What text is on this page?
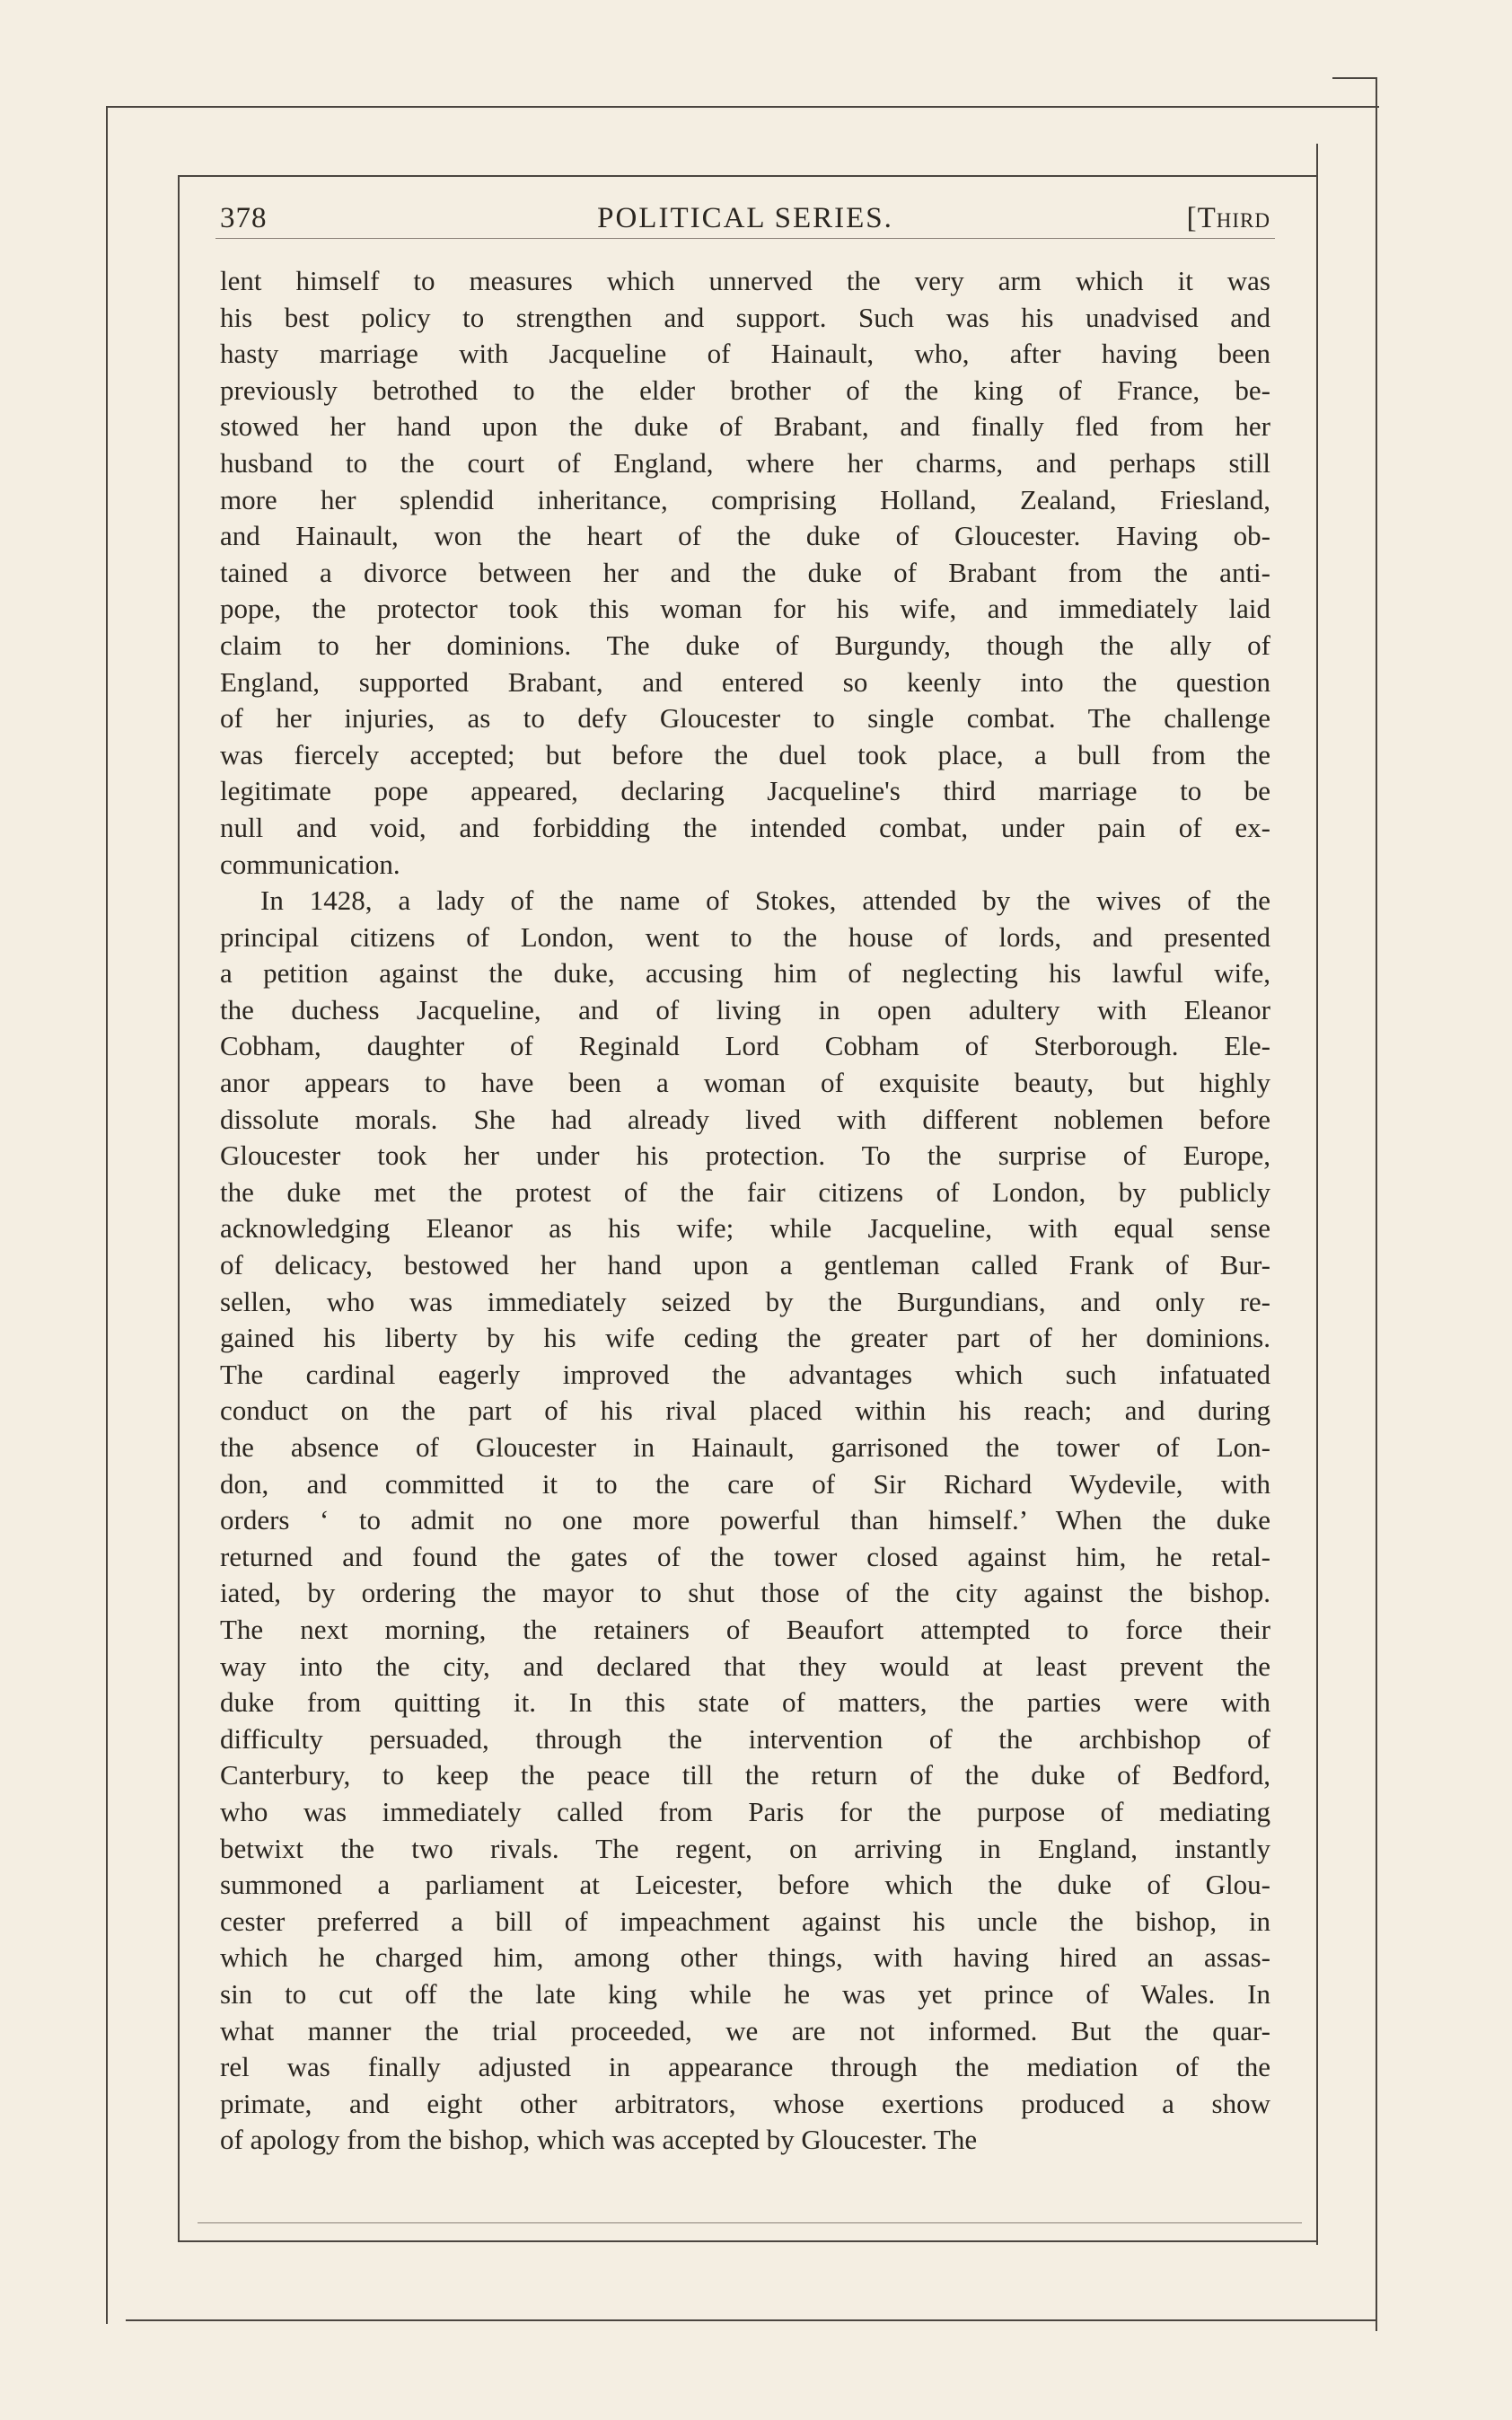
POLITICAL SERIES.
378	[Third
lent himself to measures which unnerved the very arm which it was
his best policy to strengthen and support. Such was his unadvised and
hasty marriage with Jacqueline of Hainault, who, after having been
previously betrothed to the elder brother of the king of France, be-
stowed her hand upon the duke of Brabant, and finally fled from her
husband to the court of England, where her charms, and perhaps still
more her splendid inheritance, comprising Holland, Zealand, Friesland,
and Hainault, won the heart of the duke of Gloucester. Having ob-
tained a divorce between her and the duke of Brabant from the anti-
pope, the protector took this woman for his wife, and immediately laid
claim to her dominions. The duke of Burgundy, though the ally of
England, supported Brabant, and entered so keenly into the question
of her injuries, as to defy Gloucester to single combat. The challenge
was fiercely accepted; but before the duel took place, a bull from the
legitimate pope appeared, declaring Jacqueline's third marriage to be
null and void, and forbidding the intended combat, under pain of ex-
communication.
In 1428, a lady of the name of Stokes, attended by the wives of the
principal citizens of London, went to the house of lords, and presented
a petition against the duke, accusing him of neglecting his lawful wife,
the duchess Jacqueline, and of living in open adultery with Eleanor
Cobham, daughter of Reginald Lord Cobham of Sterborough. Ele-
anor appears to have been a woman of exquisite beauty, but highly
dissolute morals. She had already lived with different noblemen before
Gloucester took her under his protection. To the surprise of Europe,
the duke met the protest of the fair citizens of London, by publicly
acknowledging Eleanor as his wife; while Jacqueline, with equal sense
of delicacy, bestowed her hand upon a gentleman called Frank of Bur-
sellen, who was immediately seized by the Burgundians, and only re-
gained his liberty by his wife ceding the greater part of her dominions.
The cardinal eagerly improved the advantages which such infatuated
conduct on the part of his rival placed within his reach; and during
the absence of Gloucester in Hainault, garrisoned the tower of Lon-
don, and committed it to the care of Sir Richard Wydevile, with
orders ‘ to admit no one more powerful than himself.’ When the duke
returned and found the gates of the tower closed against him, he retal-
iated, by ordering the mayor to shut those of the city against the bishop.
The next morning, the retainers of Beaufort attempted to force their
way into the city, and declared that they would at least prevent the
duke from quitting it. In this state of matters, the parties were with
difficulty persuaded, through the intervention of the archbishop of
Canterbury, to keep the peace till the return of the duke of Bedford,
who was immediately called from Paris for the purpose of mediating
betwixt the two rivals. The regent, on arriving in England, instantly
summoned a parliament at Leicester, before which the duke of Glou-
cester preferred a bill of impeachment against his uncle the bishop, in
which he charged him, among other things, with having hired an assas-
sin to cut off the late king while he was yet prince of Wales. In
what manner the trial proceeded, we are not informed. But the quar-
rel was finally adjusted in appearance through the mediation of the
primate, and eight other arbitrators, whose exertions produced a show
of apology from the bishop, which was accepted by Gloucester. The
